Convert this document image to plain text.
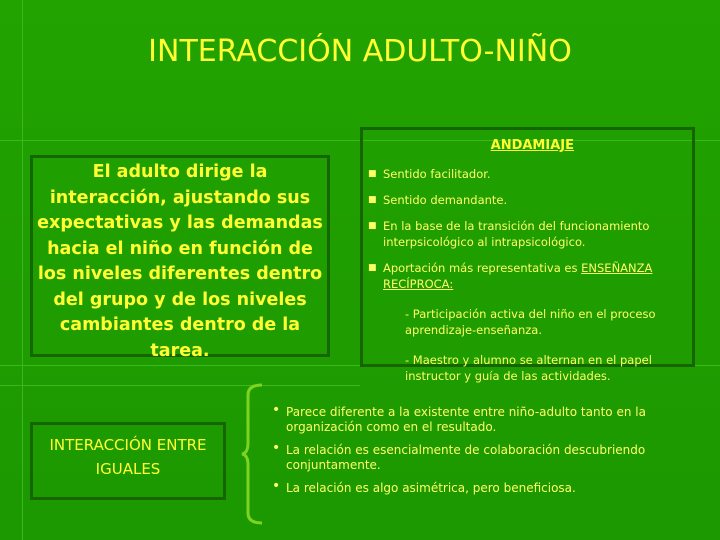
INTERACCIÓN ADULTO-NIÑO
El adulto dirige la interacción, ajustando sus expectativas y las demandas hacia el niño en función de los niveles diferentes dentro del grupo y de los niveles cambiantes dentro de la tarea.
ANDAMIAJE
■ Sentido facilitador.
■ Sentido demandante.
■ En la base de la transición del funcionamiento interpsicológico al intrapsicológico.
■ Aportación más representativa es ENSEÑANZA RECÍPROCA:
- Participación activa del niño en el proceso aprendizaje-enseñanza.
- Maestro y alumno se alternan en el papel instructor y guía de las actividades.
INTERACCIÓN ENTRE IGUALES
• Parece diferente a la existente entre niño-adulto tanto en la organización como en el resultado.
• La relación es esencialmente de colaboración descubriendo conjuntamente.
• La relación es algo asimétrica, pero beneficiosa.
